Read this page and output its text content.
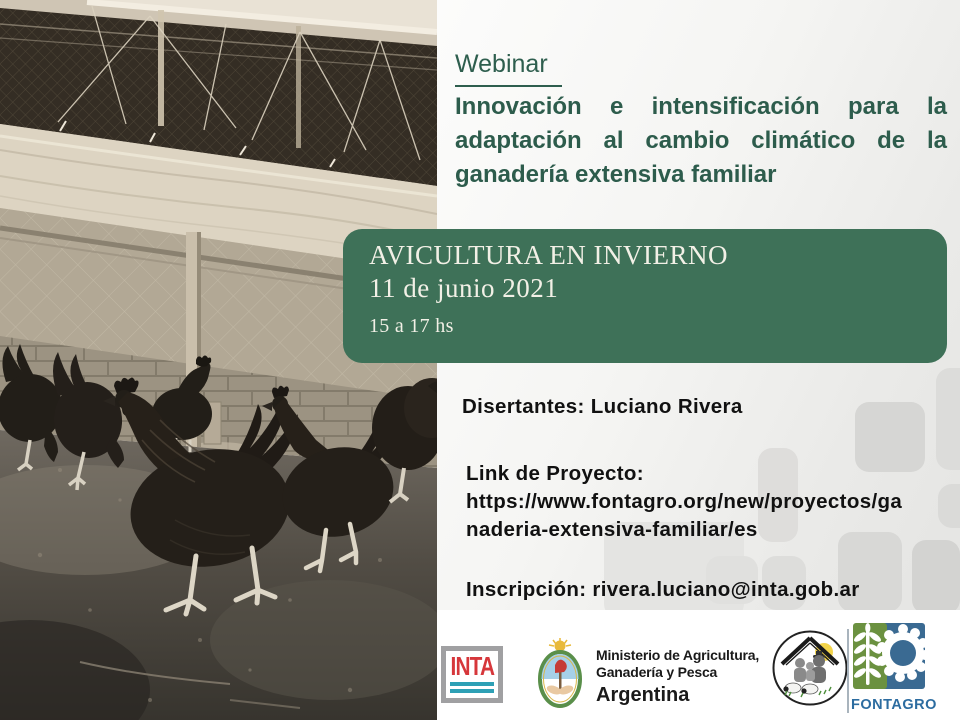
Webinar
Innovación e intensificación para la
adaptación al cambio climático de la
ganadería extensiva familiar
AVICULTURA EN INVIERNO
11 de junio 2021
15 a 17 hs
Disertantes: Luciano Rivera
Link de Proyecto:
https://www.fontagro.org/new/proyectos/ga
naderia-extensiva-familiar/es
Inscripción: rivera.luciano@inta.gob.ar
INTA	Ministerio de Agricultura,
Ganadería y Pesca
Argentina	FONTAGRO
